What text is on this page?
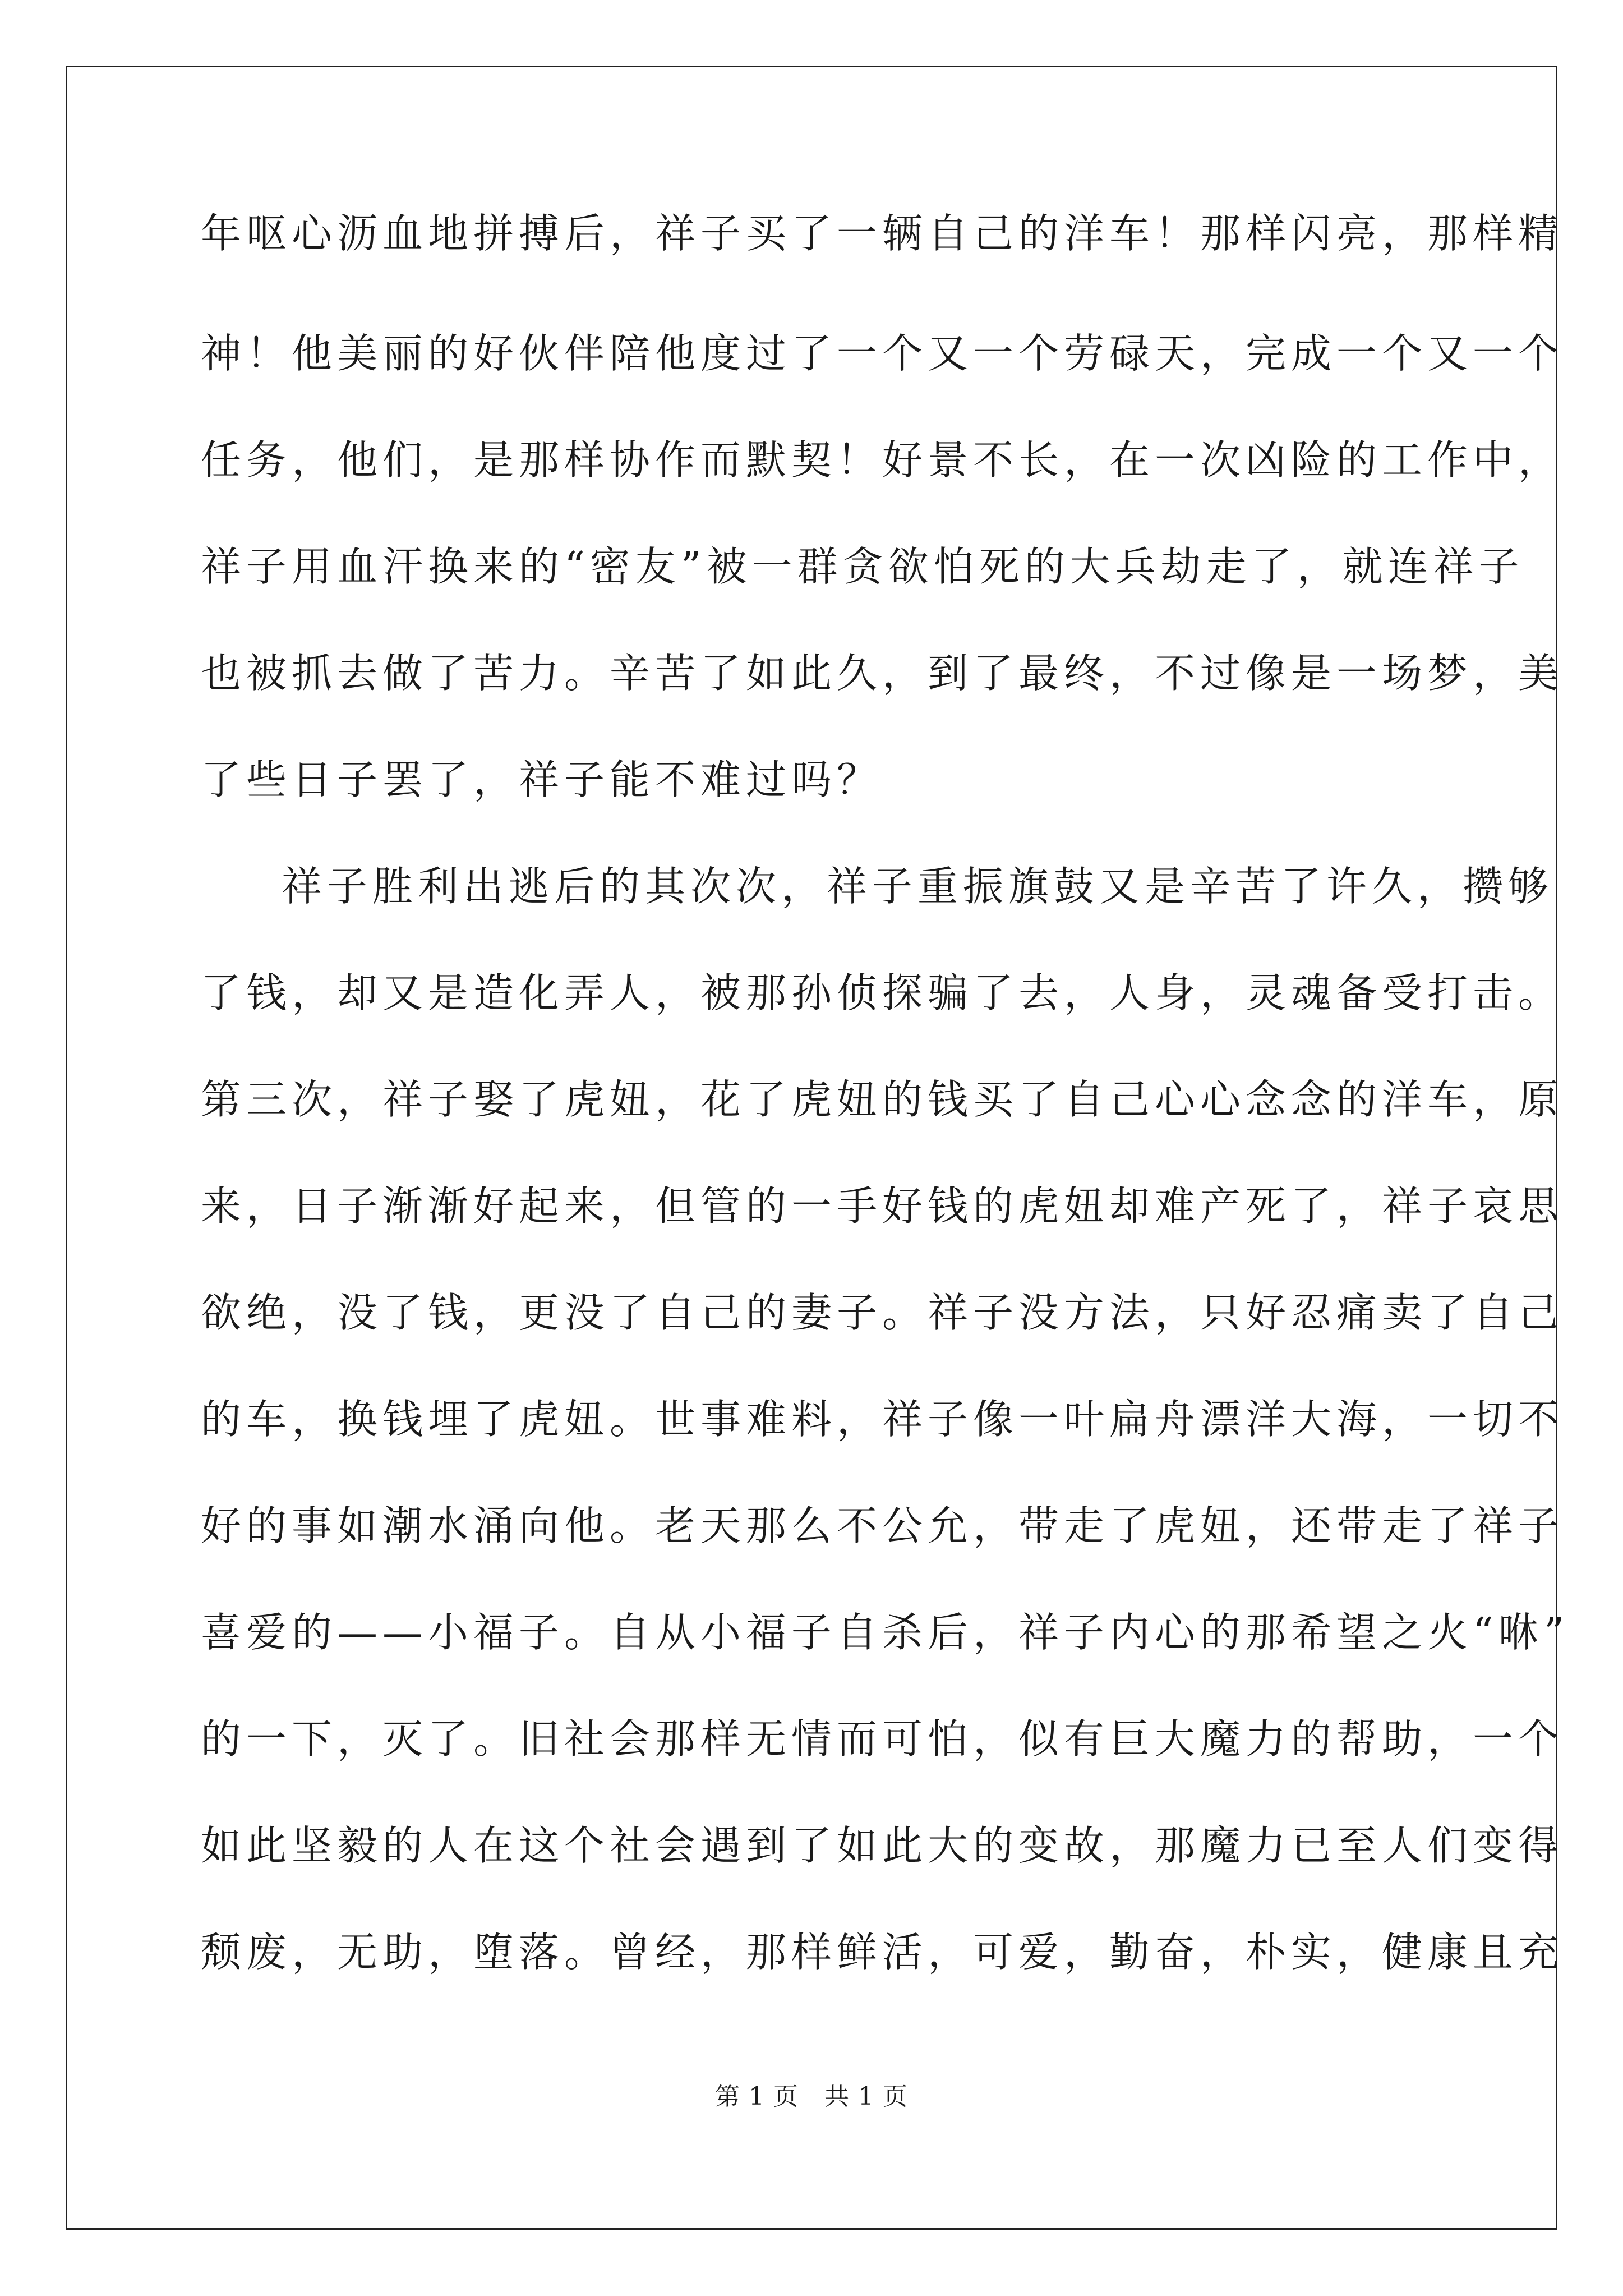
年呕心沥血地拼搏后，祥子买了一辆自己的洋车！那样闪亮，那样精
神！他美丽的好伙伴陪他度过了一个又一个劳碌天，完成一个又一个
任务，他们，是那样协作而默契！好景不长，在一次凶险的工作中，
祥子用血汗换来的“密友”被一群贪欲怕死的大兵劫走了，就连祥子
也被抓去做了苦力。辛苦了如此久，到了最终，不过像是一场梦，美
了些日子罢了，祥子能不难过吗？
祥子胜利出逃后的其次次，祥子重振旗鼓又是辛苦了许久，攒够
了钱，却又是造化弄人，被那孙侦探骗了去，人身，灵魂备受打击。
第三次，祥子娶了虎妞，花了虎妞的钱买了自己心心念念的洋车，原
来，日子渐渐好起来，但管的一手好钱的虎妞却难产死了，祥子哀思
欲绝，没了钱，更没了自己的妻子。祥子没方法，只好忍痛卖了自己
的车，换钱埋了虎妞。世事难料，祥子像一叶扁舟漂洋大海，一切不
好的事如潮水涌向他。老天那么不公允，带走了虎妞，还带走了祥子
喜爱的——小福子。自从小福子自杀后，祥子内心的那希望之火“咻”
的一下，灭了。旧社会那样无情而可怕，似有巨大魔力的帮助，一个
如此坚毅的人在这个社会遇到了如此大的变故，那魔力已至人们变得
颓废，无助，堕落。曾经，那样鲜活，可爱，勤奋，朴实，健康且充
第 1 页 共 1 页
